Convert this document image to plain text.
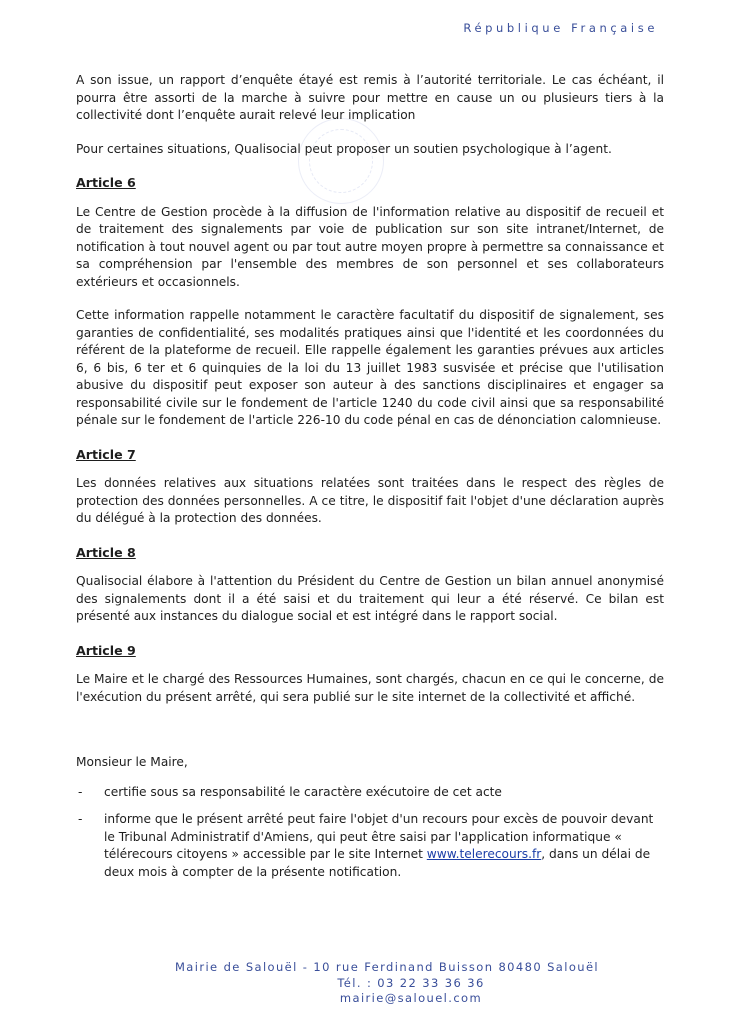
République Française

A son issue, un rapport d’enquête étayé est remis à l’autorité territoriale. Le cas échéant, il pourra être assorti de la marche à suivre pour mettre en cause un ou plusieurs tiers à la collectivité dont l’enquête aurait relevé leur implication

Pour certaines situations, Qualisocial peut proposer un soutien psychologique à l’agent.

Article 6

Le Centre de Gestion procède à la diffusion de l'information relative au dispositif de recueil et de traitement des signalements par voie de publication sur son site intranet/Internet, de notification à tout nouvel agent ou par tout autre moyen propre à permettre sa connaissance et sa compréhension par l'ensemble des membres de son personnel et ses collaborateurs extérieurs et occasionnels.

Cette information rappelle notamment le caractère facultatif du dispositif de signalement, ses garanties de confidentialité, ses modalités pratiques ainsi que l'identité et les coordonnées du référent de la plateforme de recueil. Elle rappelle également les garanties prévues aux articles 6, 6 bis, 6 ter et 6 quinquies de la loi du 13 juillet 1983 susvisée et précise que l'utilisation abusive du dispositif peut exposer son auteur à des sanctions disciplinaires et engager sa responsabilité civile sur le fondement de l'article 1240 du code civil ainsi que sa responsabilité pénale sur le fondement de l'article 226-10 du code pénal en cas de dénonciation calomnieuse.

Article 7

Les données relatives aux situations relatées sont traitées dans le respect des règles de protection des données personnelles. A ce titre, le dispositif fait l'objet d'une déclaration auprès du délégué à la protection des données.

Article 8

Qualisocial élabore à l'attention du Président du Centre de Gestion un bilan annuel anonymisé des signalements dont il a été saisi et du traitement qui leur a été réservé. Ce bilan est présenté aux instances du dialogue social et est intégré dans le rapport social.

Article 9

Le Maire et le chargé des Ressources Humaines, sont chargés, chacun en ce qui le concerne, de l'exécution du présent arrêté, qui sera publié sur le site internet de la collectivité et affiché.

Monsieur le Maire,

- certifie sous sa responsabilité le caractère exécutoire de cet acte
- informe que le présent arrêté peut faire l'objet d'un recours pour excès de pouvoir devant le Tribunal Administratif d'Amiens, qui peut être saisi par l'application informatique « télérecours citoyens » accessible par le site Internet www.telerecours.fr, dans un délai de deux mois à compter de la présente notification.
Mairie de Salouël - 10 rue Ferdinand Buisson 80480 Salouël
Tél. : 03 22 33 36 36
mairie@salouel.com
